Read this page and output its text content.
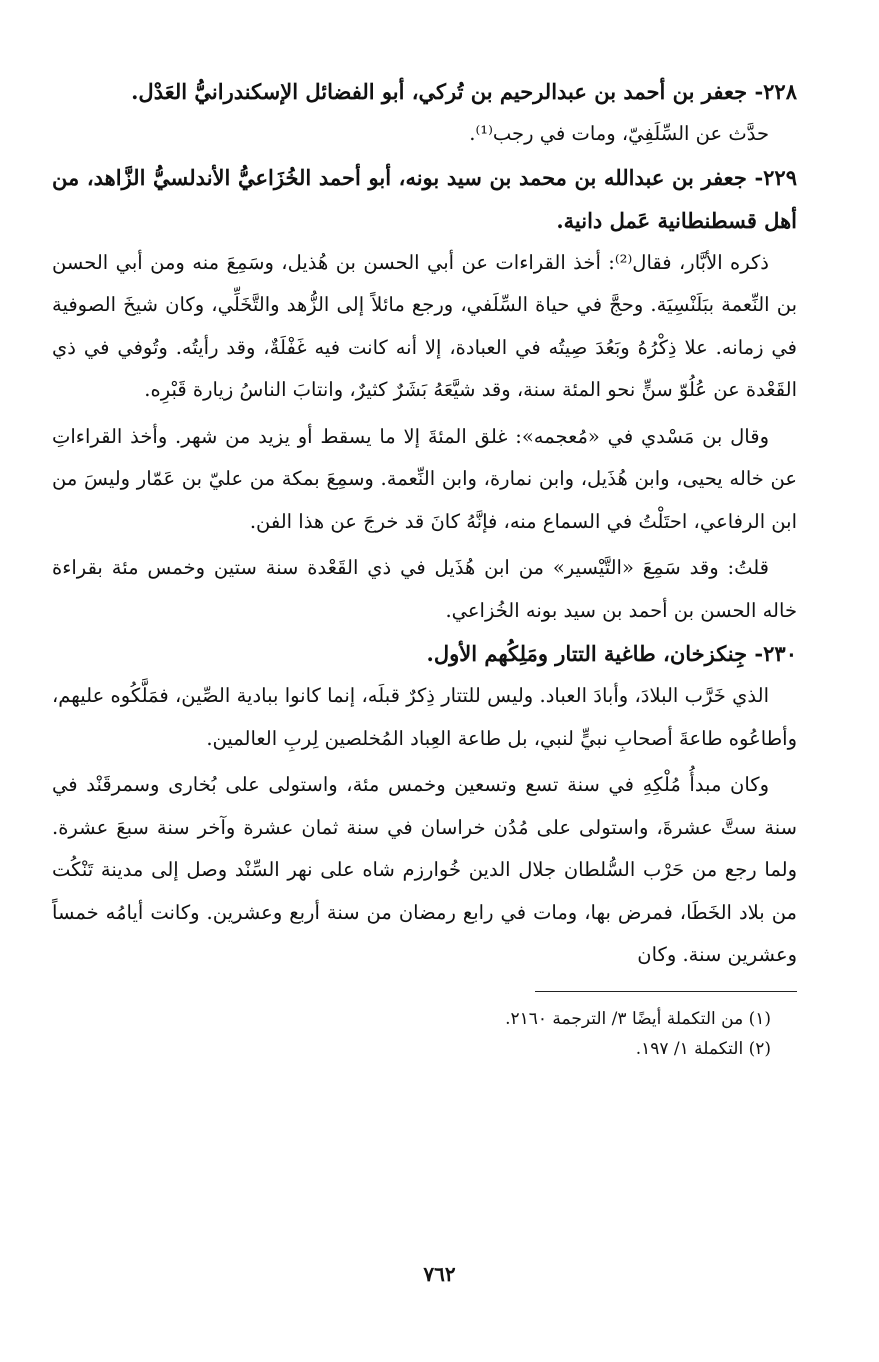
٢٢٨- جعفر بن أحمد بن عبدالرحيم بن تُركي، أبو الفضائل الإسكندرانيُّ العَدْل.

حدَّث عن السِّلَفِيّ، ومات في رجب⁽¹⁾.

٢٢٩- جعفر بن عبدالله بن محمد بن سيد بونه، أبو أحمد الخُزَاعيُّ الأندلسيُّ الزَّاهد، من أهل قسطنطانية عَمل دانية.

ذكره الأبَّار، فقال⁽²⁾: أخذ القراءات عن أبي الحسن بن هُذيل، وسَمِعَ منه ومن أبي الحسن بن النِّعمة ببَلَنْسِيَة. وحجَّ في حياة السِّلَفي، ورجع مائلاً إلى الزُّهد والتَّخَلِّي، وكان شيخَ الصوفية في زمانه. علا ذِكْرُهُ وبَعُدَ صِيتُه في العبادة، إلا أنه كانت فيه غَفْلَةٌ، وقد رأيتُه. وتُوفي في ذي القَعْدة عن عُلُوّ سنٍّ نحو المئة سنة، وقد شيَّعَهُ بَشَرٌ كثيرٌ، وانتابَ الناسُ زيارة قَبْرِه.

وقال بن مَسْدي في «مُعجمه»: غلق المئةَ إلا ما يسقط أو يزيد من شهر. وأخذ القراءاتِ عن خاله يحيى، وابن هُذَيل، وابن نمارة، وابن النِّعمة. وسمِعَ بمكة من عليّ بن عَمّار وليسَ من ابن الرفاعي، احتَلْتُ في السماع منه، فإنَّهُ كانَ قد خرجَ عن هذا الفن.

قلتُ: وقد سَمِعَ «التَّيْسير» من ابن هُذَيل في ذي القَعْدة سنة ستين وخمس مئة بقراءة خاله الحسن بن أحمد بن سيد بونه الخُزاعي.

٢٣٠- جِنكزخان، طاغية التتار ومَلِكُهم الأول.

الذي خَرَّب البلادَ، وأبادَ العباد. وليس للتتار ذِكرٌ قبلَه، إنما كانوا ببادية الصِّين، فمَلَّكُوه عليهم، وأطاعُوه طاعةَ أصحابِ نبيٍّ لنبي، بل طاعة العِباد المُخلصين لِربِ العالمين.

وكان مبدأُ مُلْكِهِ في سنة تسع وتسعين وخمس مئة، واستولى على بُخارى وسمرقَنْد في سنة ستَّ عشرةَ، واستولى على مُدُن خراسان في سنة ثمان عشرة وآخر سنة سبعَ عشرة. ولما رجع من حَرْب السُّلطان جلال الدين خُوارزم شاه على نهر السِّنْد وصل إلى مدينة تَنْكُت من بلاد الخَطَا، فمرض بها، ومات في رابع رمضان من سنة أربع وعشرين. وكانت أيامُه خمساً وعشرين سنة. وكان

(١) من التكملة أيضًا ٣/ الترجمة ٢١٦٠.

(٢) التكملة ١/ ١٩٧.

٧٦٢
